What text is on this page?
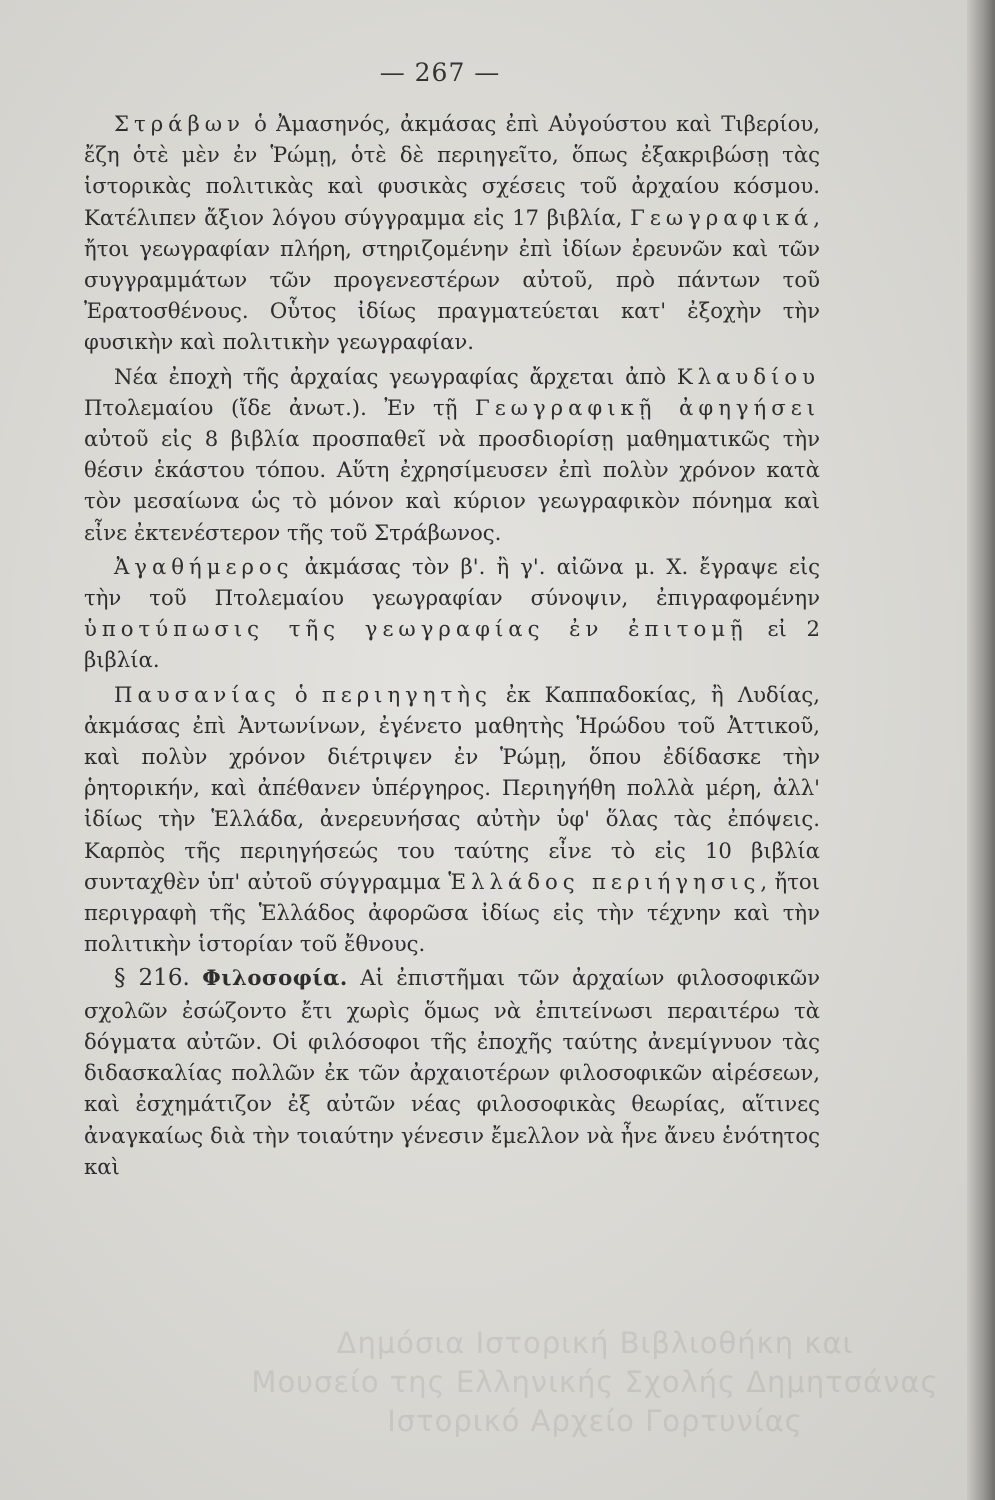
— 267 —

Στράβων ὁ Ἀμασηνός, ἀκμάσας ἐπὶ Αὐγούστου καὶ Τιβερίου, ἔζη ὁτὲ μὲν ἐν Ῥώμῃ, ὁτὲ δὲ περιηγεῖτο, ὅπως ἐξακριβώσῃ τὰς ἱστορικὰς πολιτικὰς καὶ φυσικὰς σχέσεις τοῦ ἀρχαίου κόσμου. Κατέλιπεν ἄξιον λόγου σύγγραμμα εἰς 17 βιβλία, Γεωγραφικά, ἤτοι γεωγραφίαν πλήρη, στηριζομένην ἐπὶ ἰδίων ἐρευνῶν καὶ τῶν συγγραμμάτων τῶν προγενεστέρων αὐτοῦ, πρὸ πάντων τοῦ Ἐρατοσθένους. Οὗτος ἰδίως πραγματεύεται κατ' ἐξοχὴν τὴν φυσικὴν καὶ πολιτικὴν γεωγραφίαν.

Νέα ἐποχὴ τῆς ἀρχαίας γεωγραφίας ἄρχεται ἀπὸ Κλαυδίου Πτολεμαίου (ἴδε ἀνωτ.). Ἐν τῇ Γεωγραφικῇ ἀφηγήσει αὐτοῦ εἰς 8 βιβλία προσπαθεῖ νὰ προσδιορίσῃ μαθηματικῶς τὴν θέσιν ἑκάστου τόπου. Αὕτη ἐχρησίμευσεν ἐπὶ πολὺν χρόνον κατὰ τὸν μεσαίωνα ὡς τὸ μόνον καὶ κύριον γεωγραφικὸν πόνημα καὶ εἶνε ἐκτενέστερον τῆς τοῦ Στράβωνος.

Ἀγαθήμερος ἀκμάσας τὸν β'. ἢ γ'. αἰῶνα μ. Χ. ἔγραψε εἰς τὴν τοῦ Πτολεμαίου γεωγραφίαν σύνοψιν, ἐπιγραφομένην ὑποτύπωσις τῆς γεωγραφίας ἐν ἐπιτομῇ εἰ 2 βιβλία.

Παυσανίας ὁ περιηγητὴς ἐκ Καππαδοκίας, ἢ Λυδίας, ἀκμάσας ἐπὶ Ἀντωνίνων, ἐγένετο μαθητὴς Ἡρώδου τοῦ Ἀττικοῦ, καὶ πολὺν χρόνον διέτριψεν ἐν Ῥώμῃ, ὅπου ἐδίδασκε τὴν ῥητορικήν, καὶ ἀπέθανεν ὑπέργηρος. Περιηγήθη πολλὰ μέρη, ἀλλ' ἰδίως τὴν Ἑλλάδα, ἀνερευνήσας αὐτὴν ὑφ' ὅλας τὰς ἐπόψεις. Καρπὸς τῆς περιηγήσεώς του ταύτης εἶνε τὸ εἰς 10 βιβλία συνταχθὲν ὑπ' αὐτοῦ σύγγραμμα Ἑλλάδος περιήγησις, ἤτοι περιγραφὴ τῆς Ἑλλάδος ἀφορῶσα ἰδίως εἰς τὴν τέχνην καὶ τὴν πολιτικὴν ἱστορίαν τοῦ ἔθνους.

§ 216. Φιλοσοφία. Αἱ ἐπιστῆμαι τῶν ἀρχαίων φιλοσοφικῶν σχολῶν ἐσώζοντο ἔτι χωρὶς ὅμως νὰ ἐπιτείνωσι περαιτέρω τὰ δόγματα αὐτῶν. Οἱ φιλόσοφοι τῆς ἐποχῆς ταύτης ἀνεμίγνυον τὰς διδασκαλίας πολλῶν ἐκ τῶν ἀρχαιοτέρων φιλοσοφικῶν αἱρέσεων, καὶ ἐσχημάτιζον ἐξ αὐτῶν νέας φιλοσοφικὰς θεωρίας, αἵτινες ἀναγκαίως διὰ τὴν τοιαύτην γένεσιν ἔμελλον νὰ ἦνε ἄνευ ἑνότητος καὶ

Δημόσια Ιστορική Βιβλιοθήκη και
Μουσείο της Ελληνικής Σχολής Δημητσάνας
Ιστορικό Αρχείο Γορτυνίας
